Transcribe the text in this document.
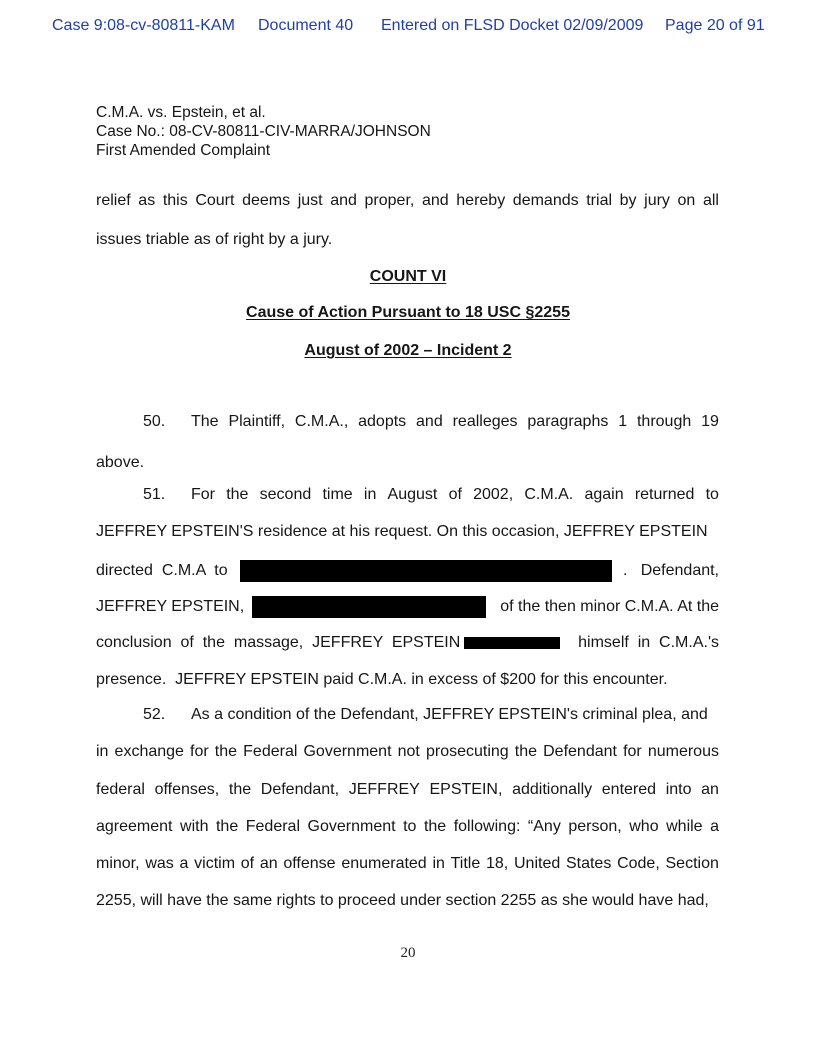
Case 9:08-cv-80811-KAM Document 40 Entered on FLSD Docket 02/09/2009 Page 20 of 91
C.M.A. vs. Epstein, et al.
Case No.: 08-CV-80811-CIV-MARRA/JOHNSON
First Amended Complaint
relief as this Court deems just and proper, and hereby demands trial by jury on all
issues triable as of right by a jury.
COUNT VI
Cause of Action Pursuant to 18 USC §2255
August of 2002 – Incident 2
50.	The Plaintiff, C.M.A., adopts and realleges paragraphs 1 through 19
above.
51.	For the second time in August of 2002, C.M.A. again returned to
JEFFREY EPSTEIN'S residence at his request. On this occasion, JEFFREY EPSTEIN
directed  C.M.A  to	.   Defendant,
JEFFREY EPSTEIN,	of the then minor C.M.A. At the
conclusion  of  the  massage,  JEFFREY  EPSTEIN	himself  in  C.M.A.'s
presence.  JEFFREY EPSTEIN paid C.M.A. in excess of $200 for this encounter.
52.	As a condition of the Defendant, JEFFREY EPSTEIN's criminal plea, and
in exchange for the Federal Government not prosecuting the Defendant for numerous
federal offenses, the Defendant, JEFFREY EPSTEIN, additionally entered into an
agreement with the Federal Government to the following: “Any person, who while a
minor, was a victim of an offense enumerated in Title 18, United States Code, Section
2255, will have the same rights to proceed under section 2255 as she would have had,
20
